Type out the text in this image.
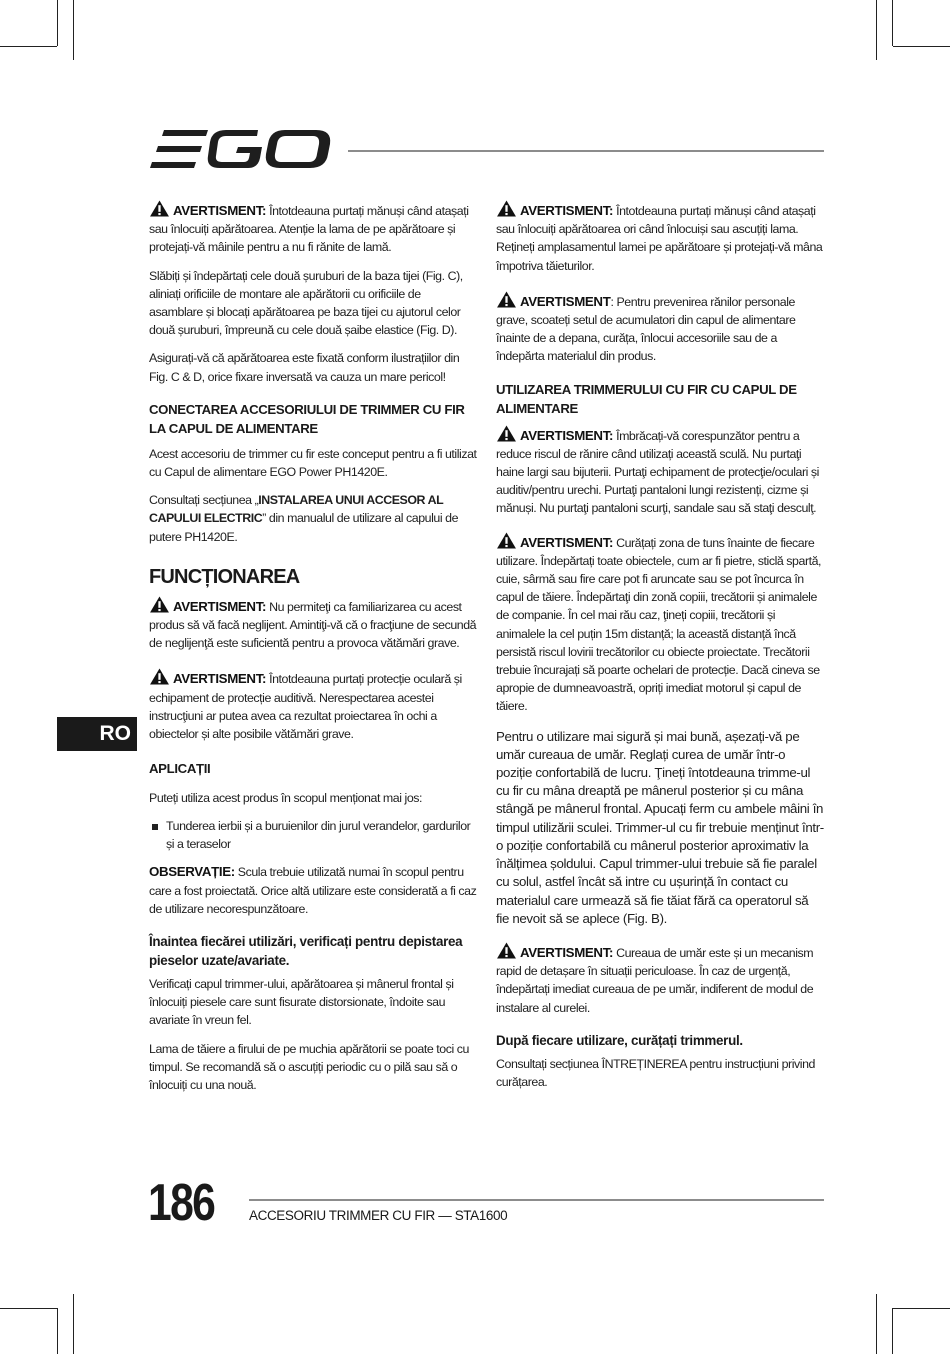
AVERTISMENT: Întotdeauna purtați mănuși când atașați sau înlocuiți apărătoarea. Atenție la lama de pe apărătoare și protejați-vă mâinile pentru a nu fi rănite de lamă.

Slăbiți și îndepărtați cele două șuruburi de la baza tijei (Fig. C), aliniați orificiile de montare ale apărătorii cu orificiile de asamblare și blocați apărătoarea pe baza tijei cu ajutorul celor două șuruburi, împreună cu cele două șaibe elastice (Fig. D).

Asigurați-vă că apărătoarea este fixată conform ilustrațiilor din Fig. C & D, orice fixare inversată va cauza un mare pericol!

CONECTAREA ACCESORIULUI DE TRIMMER CU FIR LA CAPUL DE ALIMENTARE

Acest accesoriu de trimmer cu fir este conceput pentru a fi utilizat cu Capul de alimentare EGO Power PH1420E.

Consultați secțiunea „INSTALAREA UNUI ACCESOR AL CAPULUI ELECTRIC” din manualul de utilizare al capului de putere PH1420E.

FUNCȚIONAREA

AVERTISMENT: Nu permiteţi ca familiarizarea cu acest produs să vă facă neglijent. Amintiţi-vă că o fracţiune de secundă de neglijenţă este suficientă pentru a provoca vătămări grave.

AVERTISMENT: Întotdeauna purtați protecție oculară și echipament de protecție auditivă. Nerespectarea acestei instrucţiuni ar putea avea ca rezultat proiectarea în ochi a obiectelor și alte posibile vătămări grave.

APLICAȚII

Puteți utiliza acest produs în scopul menționat mai jos:

Tunderea ierbii și a buruienilor din jurul verandelor, gardurilor și a teraselor

OBSERVAȚIE: Scula trebuie utilizată numai în scopul pentru care a fost proiectată. Orice altă utilizare este considerată a fi caz de utilizare necorespunzătoare.

Înaintea fiecărei utilizări, verificați pentru depistarea pieselor uzate/avariate.

Verificați capul trimmer-ului, apărătoarea și mânerul frontal și înlocuiți piesele care sunt fisurate distorsionate, îndoite sau avariate în vreun fel.

Lama de tăiere a firului de pe muchia apărătorii se poate toci cu timpul. Se recomandă să o ascuțiți periodic cu o pilă sau să o înlocuiți cu una nouă.

AVERTISMENT: Întotdeauna purtați mănuși când atașați sau înlocuiți apărătoarea ori când înlocuiși sau ascuțiți lama. Rețineți amplasamentul lamei pe apărătoare și protejați-vă mâna împotriva tăieturilor.

AVERTISMENT: Pentru prevenirea rănilor personale grave, scoateți setul de acumulatori din capul de alimentare înainte de a depana, curăța, înlocui accesoriile sau de a îndepărta materialul din produs.

UTILIZAREA TRIMMERULUI CU FIR CU CAPUL DE ALIMENTARE

AVERTISMENT: Îmbrăcați-vă corespunzător pentru a reduce riscul de rănire când utilizați această sculă. Nu purtaţi haine largi sau bijuterii. Purtaţi echipament de protecţie/oculari și auditiv/pentru urechi. Purtaţi pantaloni lungi rezistenți, cizme și mănuși. Nu purtaţi pantaloni scurţi, sandale sau să staţi desculţ.

AVERTISMENT: Curățați zona de tuns înainte de fiecare utilizare. Îndepărtați toate obiectele, cum ar fi pietre, sticlă spartă, cuie, sârmă sau fire care pot fi aruncate sau se pot încurca în capul de tăiere. Îndepărtaţi din zonă copiii, trecătorii și animalele de companie. În cel mai rău caz, ţineți copiii, trecătorii și animalele la cel puțin 15m distanță; la această distanță încă persistă riscul lovirii trecătorilor cu obiecte proiectate. Trecătorii trebuie încurajați să poarte ochelari de protecție. Dacă cineva se apropie de dumneavoastră, opriți imediat motorul și capul de tăiere.

Pentru o utilizare mai sigură și mai bună, așezați-vă pe umăr cureaua de umăr. Reglați curea de umăr într-o poziție confortabilă de lucru. Ţineți întotdeauna trimme-ul cu fir cu mâna dreaptă pe mânerul posterior și cu mâna stângă pe mânerul frontal. Apucați ferm cu ambele mâini în timpul utilizării sculei. Trimmer-ul cu fir trebuie menținut într-o poziție confortabilă cu mânerul posterior aproximativ la înălțimea șoldului. Capul trimmer-ului trebuie să fie paralel cu solul, astfel încât să intre cu ușurință în contact cu materialul care urmează să fie tăiat fără ca operatorul să fie nevoit să se aplece (Fig. B).

AVERTISMENT: Cureaua de umăr este și un mecanism rapid de detașare în situații periculoase. În caz de urgență, îndepărtați imediat cureaua de pe umăr, indiferent de modul de instalare al curelei.

După fiecare utilizare, curățați trimmerul.

Consultați secțiunea ÎNTREȚINEREA pentru instrucțiuni privind curățarea.

RO
186	ACCESORIU TRIMMER CU FIR — STA1600
